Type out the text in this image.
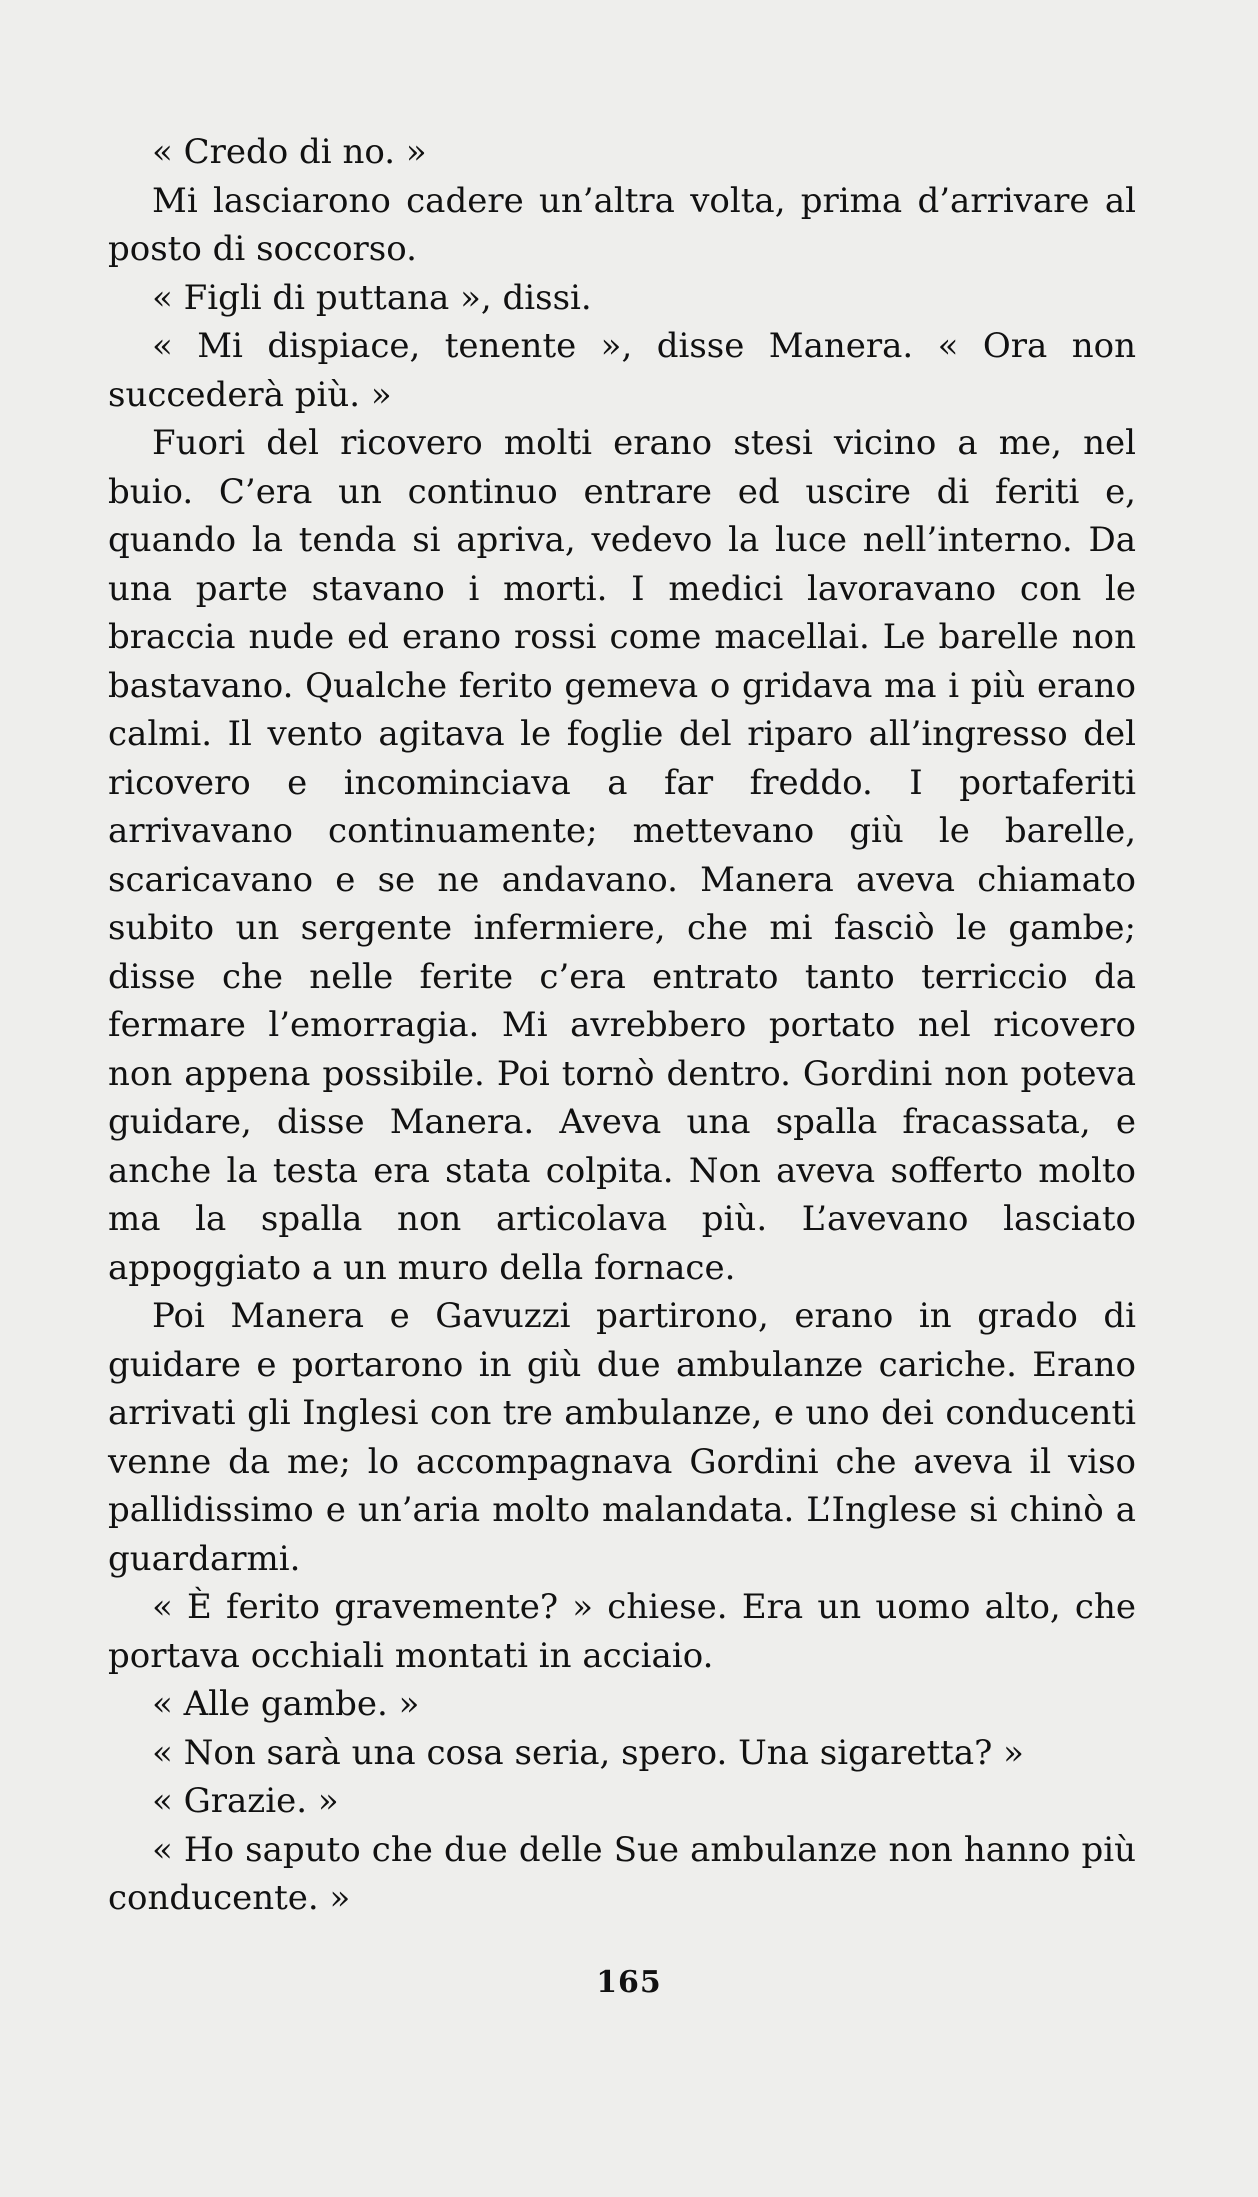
« Credo di no. »

Mi lasciarono cadere un’altra volta, prima d’arrivare al posto di soccorso.

« Figli di puttana », dissi.

« Mi dispiace, tenente », disse Manera. « Ora non succederà più. »

Fuori del ricovero molti erano stesi vicino a me, nel buio. C’era un continuo entrare ed uscire di feriti e, quando la tenda si apriva, vedevo la luce nell’interno. Da una parte stavano i morti. I medici lavoravano con le braccia nude ed erano rossi come macellai. Le barelle non bastavano. Qualche ferito gemeva o gridava ma i più erano calmi. Il vento agitava le foglie del riparo all’ingresso del ricovero e incominciava a far freddo. I portaferiti arrivavano continuamente; mettevano giù le barelle, scaricavano e se ne andavano. Manera aveva chiamato subito un sergente infermiere, che mi fasciò le gambe; disse che nelle ferite c’era entrato tanto terriccio da fermare l’emorragia. Mi avrebbero portato nel ricovero non appena possibile. Poi tornò dentro. Gordini non poteva guidare, disse Manera. Aveva una spalla fracassata, e anche la testa era stata colpita. Non aveva sofferto molto ma la spalla non articolava più. L’avevano lasciato appoggiato a un muro della fornace.

Poi Manera e Gavuzzi partirono, erano in grado di guidare e portarono in giù due ambulanze cariche. Erano arrivati gli Inglesi con tre ambulanze, e uno dei conducenti venne da me; lo accompagnava Gordini che aveva il viso pallidissimo e un’aria molto malandata. L’Inglese si chinò a guardarmi.

« È ferito gravemente? » chiese. Era un uomo alto, che portava occhiali montati in acciaio.

« Alle gambe. »

« Non sarà una cosa seria, spero. Una sigaretta? »

« Grazie. »

« Ho saputo che due delle Sue ambulanze non hanno più conducente. »

165
